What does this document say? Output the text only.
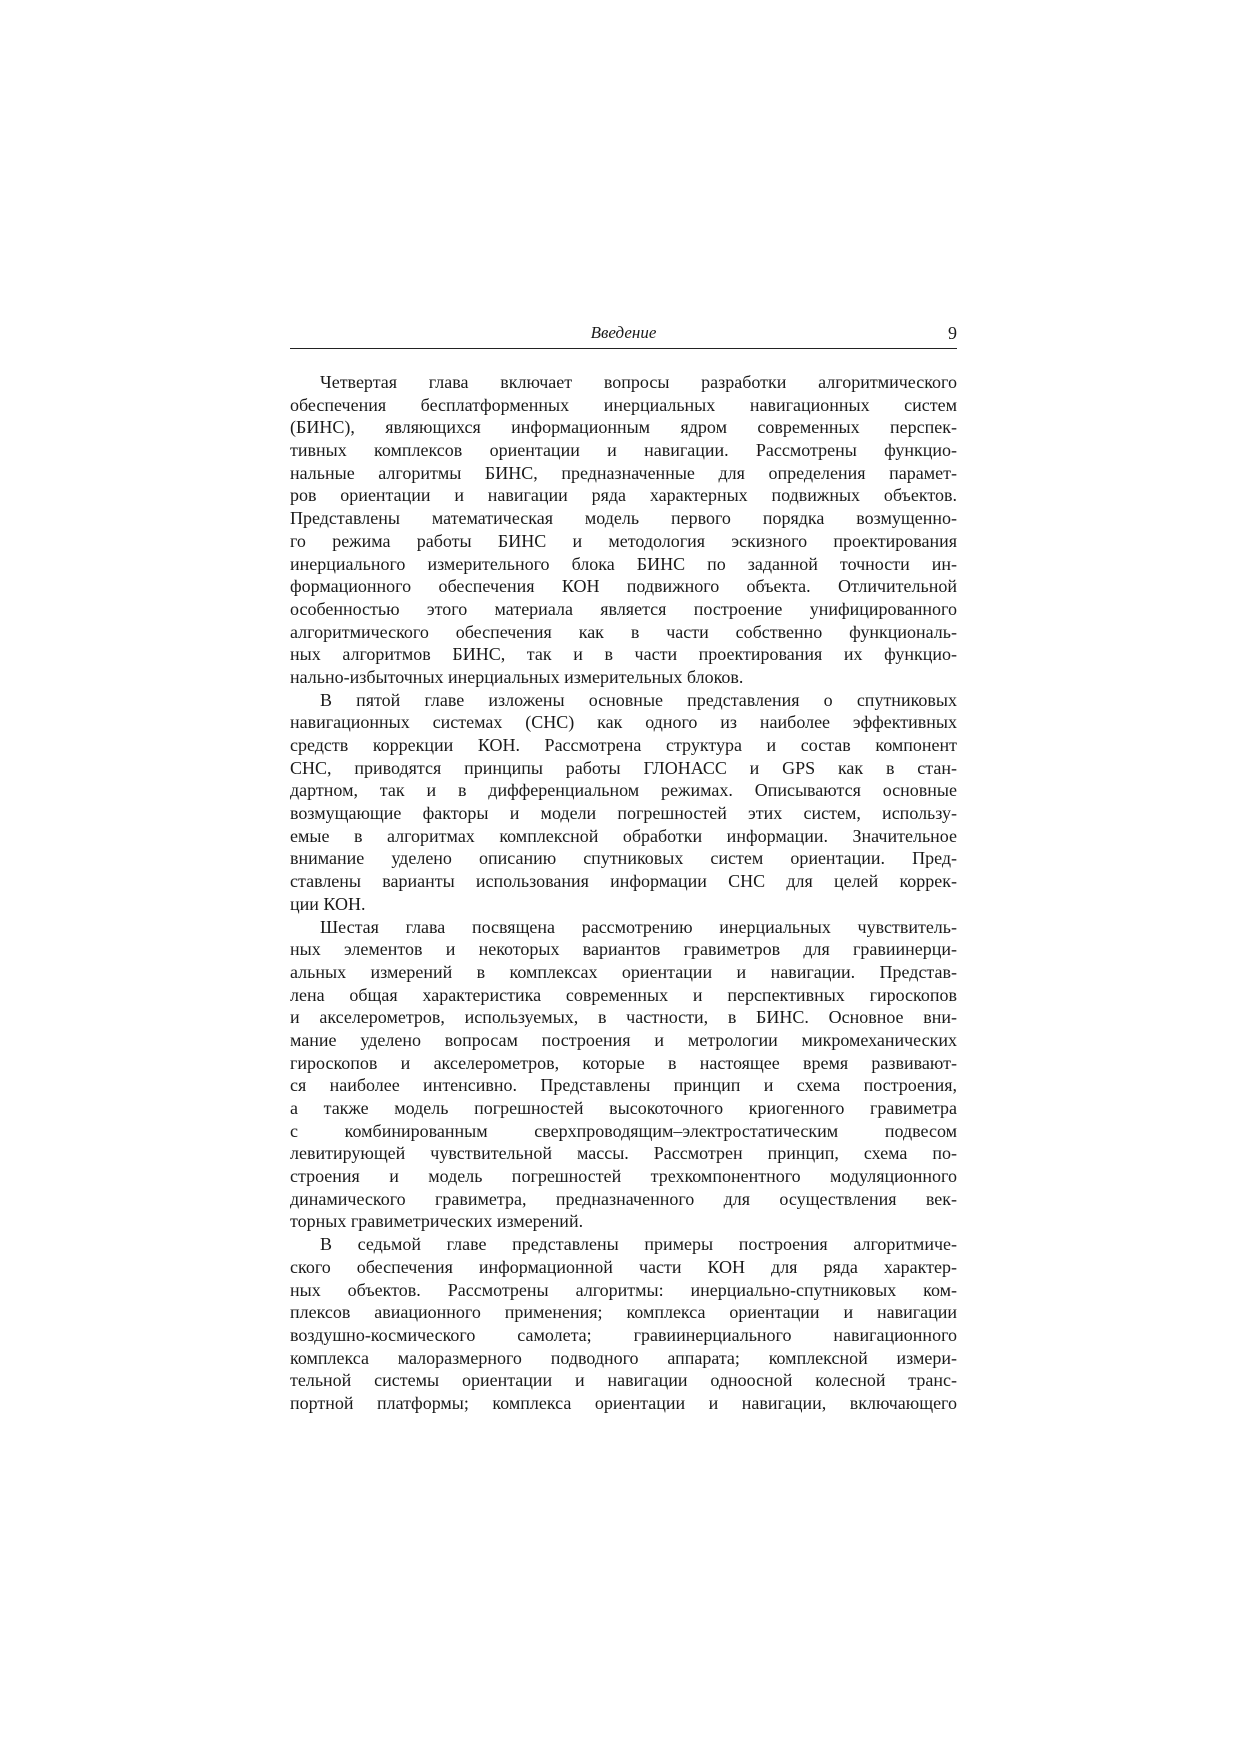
Введение	9
Четвертая глава включает вопросы разработки алгоритмического
обеспечения бесплатформенных инерциальных навигационных систем
(БИНС), являющихся информационным ядром современных перспек-
тивных комплексов ориентации и навигации. Рассмотрены функцио-
нальные алгоритмы БИНС, предназначенные для определения парамет-
ров ориентации и навигации ряда характерных подвижных объектов.
Представлены математическая модель первого порядка возмущенно-
го режима работы БИНС и методология эскизного проектирования
инерциального измерительного блока БИНС по заданной точности ин-
формационного обеспечения КОН подвижного объекта. Отличительной
особенностью этого материала является построение унифицированного
алгоритмического обеспечения как в части собственно функциональ-
ных алгоритмов БИНС, так и в части проектирования их функцио-
нально-избыточных инерциальных измерительных блоков.
В пятой главе изложены основные представления о спутниковых
навигационных системах (СНС) как одного из наиболее эффективных
средств коррекции КОН. Рассмотрена структура и состав компонент
СНС, приводятся принципы работы ГЛОНАСС и GPS как в стан-
дартном, так и в дифференциальном режимах. Описываются основные
возмущающие факторы и модели погрешностей этих систем, использу-
емые в алгоритмах комплексной обработки информации. Значительное
внимание уделено описанию спутниковых систем ориентации. Пред-
ставлены варианты использования информации СНС для целей коррек-
ции КОН.
Шестая глава посвящена рассмотрению инерциальных чувствитель-
ных элементов и некоторых вариантов гравиметров для гравиинерци-
альных измерений в комплексах ориентации и навигации. Представ-
лена общая характеристика современных и перспективных гироскопов
и акселерометров, используемых, в частности, в БИНС. Основное вни-
мание уделено вопросам построения и метрологии микромеханических
гироскопов и акселерометров, которые в настоящее время развивают-
ся наиболее интенсивно. Представлены принцип и схема построения,
а также модель погрешностей высокоточного криогенного гравиметра
с комбинированным сверхпроводящим–электростатическим подвесом
левитирующей чувствительной массы. Рассмотрен принцип, схема по-
строения и модель погрешностей трехкомпонентного модуляционного
динамического гравиметра, предназначенного для осуществления век-
торных гравиметрических измерений.
В седьмой главе представлены примеры построения алгоритмиче-
ского обеспечения информационной части КОН для ряда характер-
ных объектов. Рассмотрены алгоритмы: инерциально-спутниковых ком-
плексов авиационного применения; комплекса ориентации и навигации
воздушно-космического самолета; гравиинерциального навигационного
комплекса малоразмерного подводного аппарата; комплексной измери-
тельной системы ориентации и навигации одноосной колесной транс-
портной платформы; комплекса ориентации и навигации, включающего
